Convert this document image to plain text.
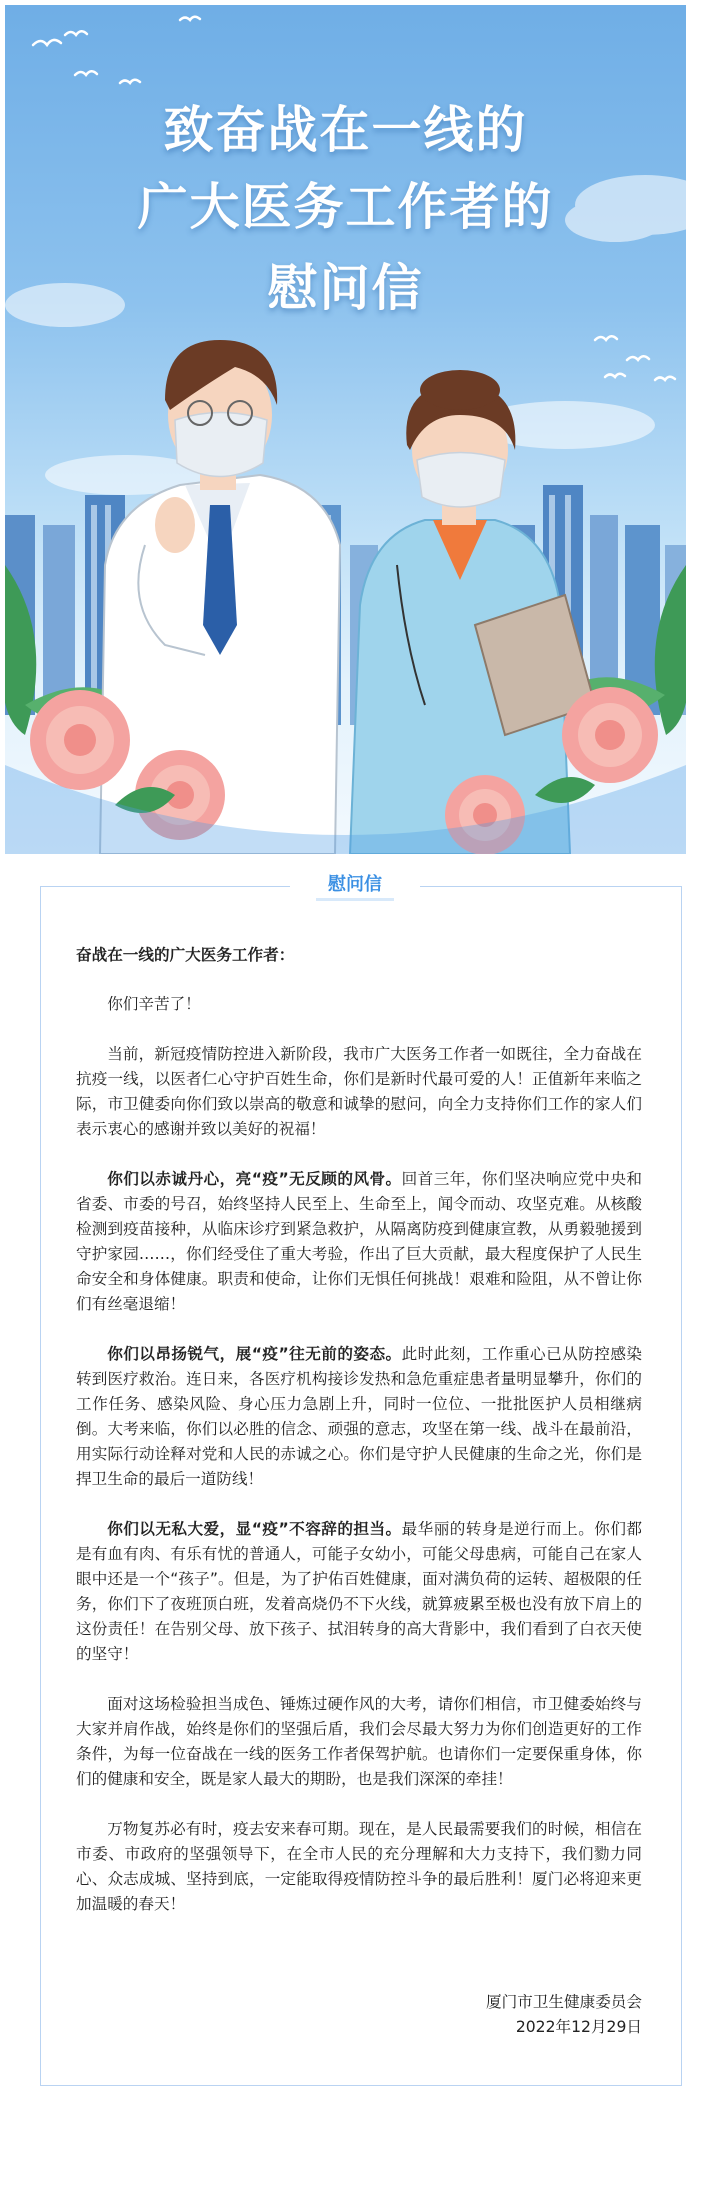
致奋战在一线的
广大医务工作者的
慰问信
慰问信

奋战在一线的广大医务工作者：

你们辛苦了！

当前，新冠疫情防控进入新阶段，我市广大医务工作者一如既往，全力奋战在抗疫一线，以医者仁心守护百姓生命，你们是新时代最可爱的人！正值新年来临之际，市卫健委向你们致以崇高的敬意和诚挚的慰问，向全力支持你们工作的家人们表示衷心的感谢并致以美好的祝福！

你们以赤诚丹心，亮“疫”无反顾的风骨。回首三年，你们坚决响应党中央和省委、市委的号召，始终坚持人民至上、生命至上，闻令而动、攻坚克难。从核酸检测到疫苗接种，从临床诊疗到紧急救护，从隔离防疫到健康宣教，从勇毅驰援到守护家园……，你们经受住了重大考验，作出了巨大贡献，最大程度保护了人民生命安全和身体健康。职责和使命，让你们无惧任何挑战！艰难和险阻，从不曾让你们有丝毫退缩！

你们以昂扬锐气，展“疫”往无前的姿态。此时此刻，工作重心已从防控感染转到医疗救治。连日来，各医疗机构接诊发热和急危重症患者量明显攀升，你们的工作任务、感染风险、身心压力急剧上升，同时一位位、一批批医护人员相继病倒。大考来临，你们以必胜的信念、顽强的意志，攻坚在第一线、战斗在最前沿，用实际行动诠释对党和人民的赤诚之心。你们是守护人民健康的生命之光，你们是捍卫生命的最后一道防线！

你们以无私大爱，显“疫”不容辞的担当。最华丽的转身是逆行而上。你们都是有血有肉、有乐有忧的普通人，可能子女幼小，可能父母患病，可能自己在家人眼中还是一个“孩子”。但是，为了护佑百姓健康，面对满负荷的运转、超极限的任务，你们下了夜班顶白班，发着高烧仍不下火线，就算疲累至极也没有放下肩上的这份责任！在告别父母、放下孩子、拭泪转身的高大背影中，我们看到了白衣天使的坚守！

面对这场检验担当成色、锤炼过硬作风的大考，请你们相信，市卫健委始终与大家并肩作战，始终是你们的坚强后盾，我们会尽最大努力为你们创造更好的工作条件，为每一位奋战在一线的医务工作者保驾护航。也请你们一定要保重身体，你们的健康和安全，既是家人最大的期盼，也是我们深深的牵挂！

万物复苏必有时，疫去安来春可期。现在，是人民最需要我们的时候，相信在市委、市政府的坚强领导下，在全市人民的充分理解和大力支持下，我们勠力同心、众志成城、坚持到底，一定能取得疫情防控斗争的最后胜利！厦门必将迎来更加温暖的春天！

厦门市卫生健康委员会
2022年12月29日
